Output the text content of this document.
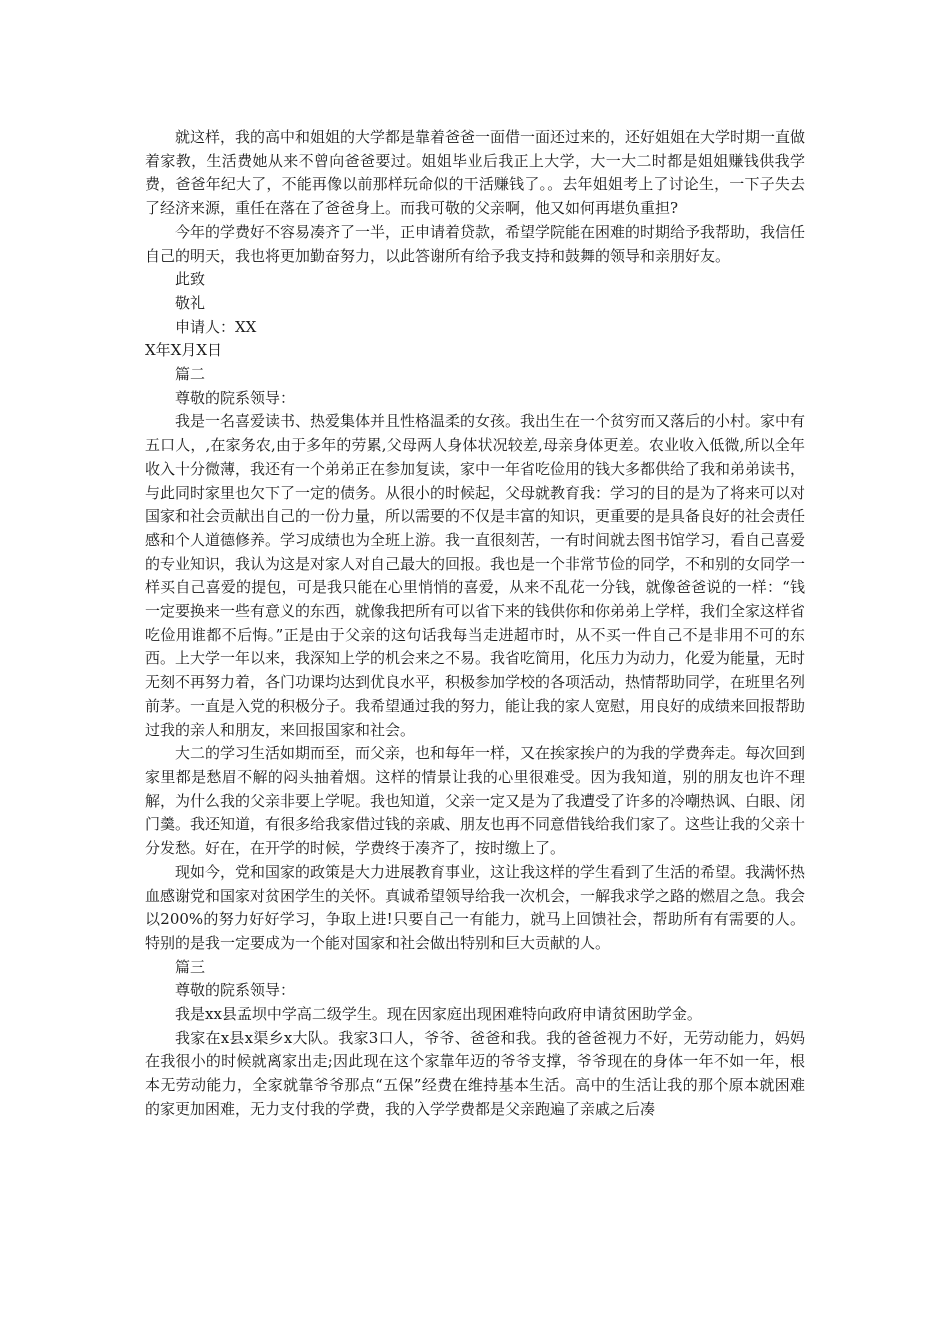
就这样，我的高中和姐姐的大学都是靠着爸爸一面借一面还过来的，还好姐姐在大学时期一直做着家教，生活费她从来不曾向爸爸要过。姐姐毕业后我正上大学，大一大二时都是姐姐赚钱供我学费，爸爸年纪大了，不能再像以前那样玩命似的干活赚钱了。。去年姐姐考上了讨论生，一下子失去了经济来源，重任在落在了爸爸身上。而我可敬的父亲啊，他又如何再堪负重担?

今年的学费好不容易凑齐了一半，正申请着贷款，希望学院能在困难的时期给予我帮助，我信任自己的明天，我也将更加勤奋努力，以此答谢所有给予我支持和鼓舞的领导和亲朋好友。

此致

敬礼

申请人：XX

X年X月X日

篇二

尊敬的院系领导：

我是一名喜爱读书、热爱集体并且性格温柔的女孩。我出生在一个贫穷而又落后的小村。家中有五口人，,在家务农,由于多年的劳累,父母两人身体状况较差,母亲身体更差。农业收入低微,所以全年收入十分微薄，我还有一个弟弟正在参加复读，家中一年省吃俭用的钱大多都供给了我和弟弟读书，与此同时家里也欠下了一定的债务。从很小的时候起，父母就教育我：学习的目的是为了将来可以对国家和社会贡献出自己的一份力量，所以需要的不仅是丰富的知识，更重要的是具备良好的社会责任感和个人道德修养。学习成绩也为全班上游。我一直很刻苦，一有时间就去图书馆学习，看自己喜爱的专业知识，我认为这是对家人对自己最大的回报。我也是一个非常节俭的同学，不和别的女同学一样买自己喜爱的提包，可是我只能在心里悄悄的喜爱，从来不乱花一分钱，就像爸爸说的一样：“钱一定要换来一些有意义的东西，就像我把所有可以省下来的钱供你和你弟弟上学样，我们全家这样省吃俭用谁都不后悔。”正是由于父亲的这句话我每当走进超市时，从不买一件自己不是非用不可的东西。上大学一年以来，我深知上学的机会来之不易。我省吃简用，化压力为动力，化爱为能量，无时无刻不再努力着，各门功课均达到优良水平，积极参加学校的各项活动，热情帮助同学，在班里名列前茅。一直是入党的积极分子。我希望通过我的努力，能让我的家人宽慰，用良好的成绩来回报帮助过我的亲人和朋友，来回报国家和社会。

大二的学习生活如期而至，而父亲，也和每年一样，又在挨家挨户的为我的学费奔走。每次回到家里都是愁眉不解的闷头抽着烟。这样的情景让我的心里很难受。因为我知道，别的朋友也许不理解，为什么我的父亲非要上学呢。我也知道，父亲一定又是为了我遭受了许多的冷嘲热讽、白眼、闭门羹。我还知道，有很多给我家借过钱的亲戚、朋友也再不同意借钱给我们家了。这些让我的父亲十分发愁。好在，在开学的时候，学费终于凑齐了，按时缴上了。

现如今，党和国家的政策是大力进展教育事业，这让我这样的学生看到了生活的希望。我满怀热血感谢党和国家对贫困学生的关怀。真诚希望领导给我一次机会，一解我求学之路的燃眉之急。我会以200%的努力好好学习，争取上进!只要自己一有能力，就马上回馈社会，帮助所有有需要的人。特别的是我一定要成为一个能对国家和社会做出特别和巨大贡献的人。

篇三

尊敬的院系领导：

我是xx县孟坝中学高二级学生。现在因家庭出现困难特向政府申请贫困助学金。

我家在x县x渠乡x大队。我家3口人，爷爷、爸爸和我。我的爸爸视力不好，无劳动能力，妈妈在我很小的时候就离家出走;因此现在这个家靠年迈的爷爷支撑，爷爷现在的身体一年不如一年，根本无劳动能力，全家就靠爷爷那点“五保”经费在维持基本生活。高中的生活让我的那个原本就困难的家更加困难，无力支付我的学费，我的入学学费都是父亲跑遍了亲戚之后凑
